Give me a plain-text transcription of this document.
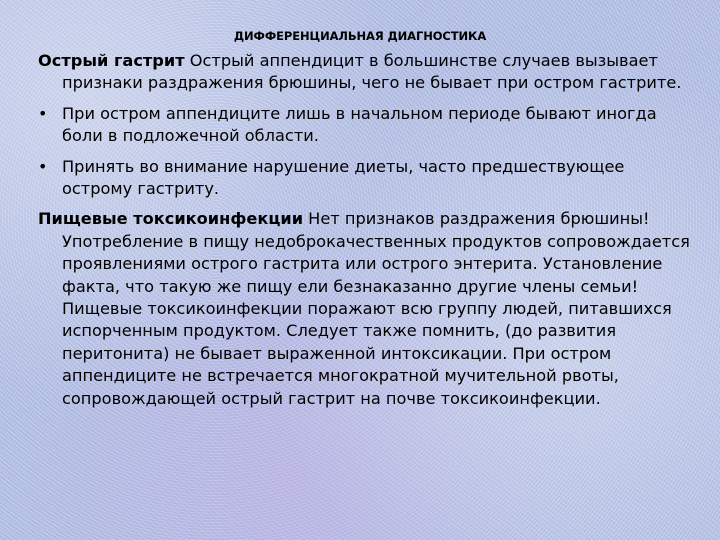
ДИФФЕРЕНЦИАЛЬНАЯ ДИАГНОСТИКА

Острый гастрит Острый аппендицит в большинстве случаев вызывает признаки раздражения брюшины, чего не бывает при остром гастрите.

• При остром аппендиците лишь в начальном периоде бывают иногда боли в подложечной области.
• Принять во внимание нарушение диеты, часто предшествующее острому гастриту.

Пищевые токсикоинфекции Нет признаков раздражения брюшины! Употребление в пищу недоброкачественных продуктов сопровождается проявлениями острого гастрита или острого энтерита. Установление факта, что такую же пищу ели безнаказанно другие члены семьи! Пищевые токсикоинфекции поражают всю группу людей, питавшихся испорченным продуктом. Следует также помнить, (до развития перитонита) не бывает выраженной интоксикации. При остром аппендиците не встречается многократной мучительной рвоты, сопровождающей острый гастрит на почве токсикоинфекции.
